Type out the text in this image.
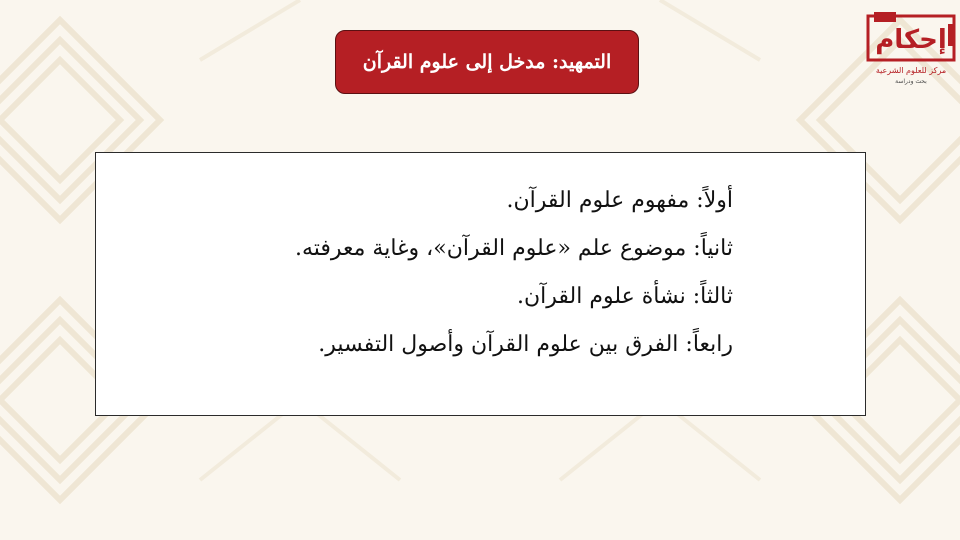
التمهيد: مدخل إلى علوم القرآن
أولاً: مفهوم علوم القرآن.
ثانياً: موضوع علم «علوم القرآن»، وغاية معرفته.
ثالثاً: نشأة علوم القرآن.
رابعاً: الفرق بين علوم القرآن وأصول التفسير.
إحكام
مركز للعلوم الشرعية
بحث ودراسة
